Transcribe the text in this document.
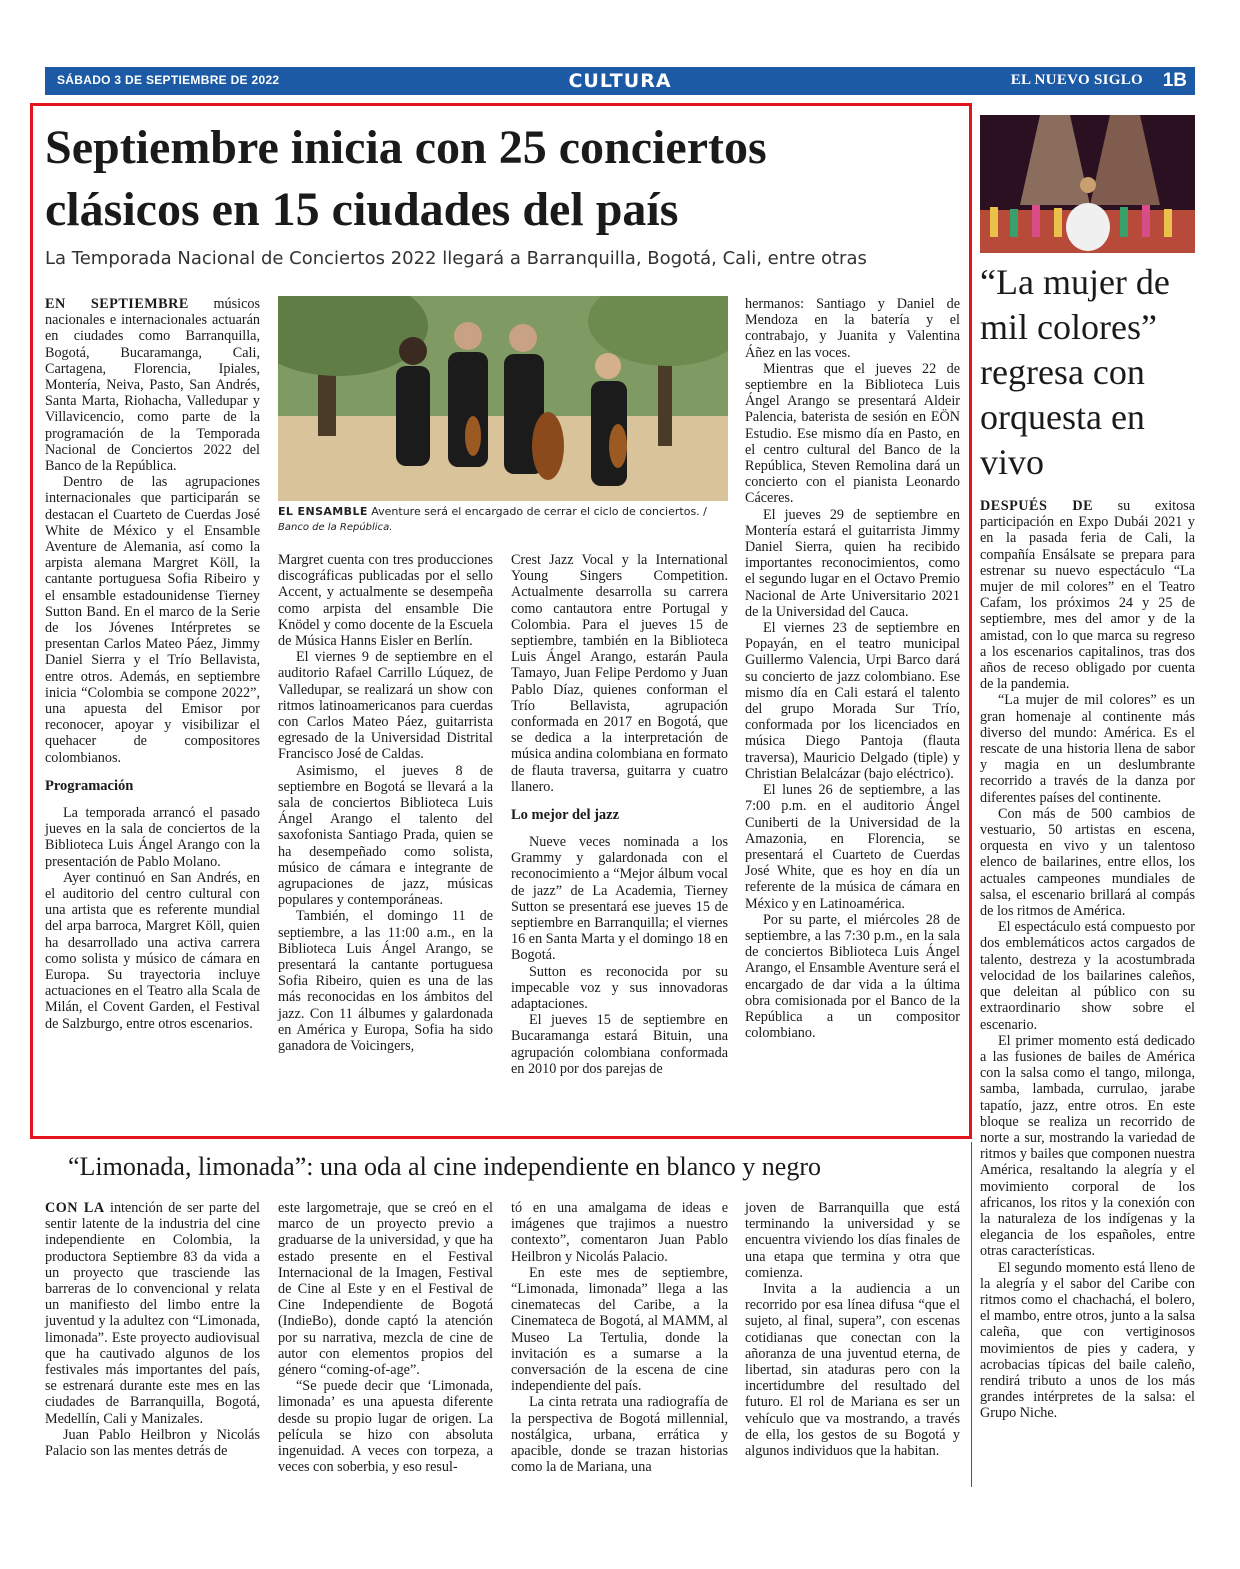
SÁBADO 3 DE SEPTIEMBRE DE 2022	CULTURA	EL NUEVO SIGLO 1B
Septiembre inicia con 25 conciertos
clásicos en 15 ciudades del país
La Temporada Nacional de Conciertos 2022 llegará a Barranquilla, Bogotá, Cali, entre otras

EN SEPTIEMBRE músicos nacionales e internacionales actuarán en ciudades como Barranquilla, Bogotá, Bucaramanga, Cali, Cartagena, Florencia, Ipiales, Montería, Neiva, Pasto, San Andrés, Santa Marta, Riohacha, Valledupar y Villavicencio, como parte de la programación de la Temporada Nacional de Conciertos 2022 del Banco de la República.

Dentro de las agrupaciones internacionales que participarán se destacan el Cuarteto de Cuerdas José White de México y el Ensamble Aventure de Alemania, así como la arpista alemana Margret Köll, la cantante portuguesa Sofia Ribeiro y el ensamble estadounidense Tierney Sutton Band. En el marco de la Serie de los Jóvenes Intérpretes se presentan Carlos Mateo Páez, Jimmy Daniel Sierra y el Trío Bellavista, entre otros. Además, en septiembre inicia “Colombia se compone 2022”, una apuesta del Emisor por reconocer, apoyar y visibilizar el quehacer de compositores colombianos.

Programación

La temporada arrancó el pasado jueves en la sala de conciertos de la Biblioteca Luis Ángel Arango con la presentación de Pablo Molano.

Ayer continuó en San Andrés, en el auditorio del centro cultural con una artista que es referente mundial del arpa barroca, Margret Köll, quien ha desarrollado una activa carrera como solista y músico de cámara en Europa. Su trayectoria incluye actuaciones en el Teatro alla Scala de Milán, el Covent Garden, el Festival de Salzburgo, entre otros escenarios.

EL ENSAMBLE Aventure será el encargado de cerrar el ciclo de conciertos. /
Banco de la República.

Margret cuenta con tres producciones discográficas publicadas por el sello Accent, y actualmente se desempeña como arpista del ensamble Die Knödel y como docente de la Escuela de Música Hanns Eisler en Berlín.

El viernes 9 de septiembre en el auditorio Rafael Carrillo Lúquez, de Valledupar, se realizará un show con ritmos latinoamericanos para cuerdas con Carlos Mateo Páez, guitarrista egresado de la Universidad Distrital Francisco José de Caldas.

Asimismo, el jueves 8 de septiembre en Bogotá se llevará a la sala de conciertos Biblioteca Luis Ángel Arango el talento del saxofonista Santiago Prada, quien se ha desempeñado como solista, músico de cámara e integrante de agrupaciones de jazz, músicas populares y contemporáneas.

También, el domingo 11 de septiembre, a las 11:00 a.m., en la Biblioteca Luis Ángel Arango, se presentará la cantante portuguesa Sofia Ribeiro, quien es una de las más reconocidas en los ámbitos del jazz. Con 11 álbumes y galardonada en América y Europa, Sofia ha sido ganadora de Voicingers,

Crest Jazz Vocal y la International Young Singers Competition. Actualmente desarrolla su carrera como cantautora entre Portugal y Colombia. Para el jueves 15 de septiembre, también en la Biblioteca Luis Ángel Arango, estarán Paula Tamayo, Juan Felipe Perdomo y Juan Pablo Díaz, quienes conforman el Trío Bellavista, agrupación conformada en 2017 en Bogotá, que se dedica a la interpretación de música andina colombiana en formato de flauta traversa, guitarra y cuatro llanero.

Lo mejor del jazz

Nueve veces nominada a los Grammy y galardonada con el reconocimiento a “Mejor álbum vocal de jazz” de La Academia, Tierney Sutton se presentará ese jueves 15 de septiembre en Barranquilla; el viernes 16 en Santa Marta y el domingo 18 en Bogotá.

Sutton es reconocida por su impecable voz y sus innovadoras adaptaciones.

El jueves 15 de septiembre en Bucaramanga estará Bituin, una agrupación colombiana conformada en 2010 por dos parejas de

hermanos: Santiago y Daniel de Mendoza en la batería y el contrabajo, y Juanita y Valentina Áñez en las voces.

Mientras que el jueves 22 de septiembre en la Biblioteca Luis Ángel Arango se presentará Aldeir Palencia, baterista de sesión en EÖN Estudio. Ese mismo día en Pasto, en el centro cultural del Banco de la República, Steven Remolina dará un concierto con el pianista Leonardo Cáceres.

El jueves 29 de septiembre en Montería estará el guitarrista Jimmy Daniel Sierra, quien ha recibido importantes reconocimientos, como el segundo lugar en el Octavo Premio Nacional de Arte Universitario 2021 de la Universidad del Cauca.

El viernes 23 de septiembre en Popayán, en el teatro municipal Guillermo Valencia, Urpi Barco dará su concierto de jazz colombiano. Ese mismo día en Cali estará el talento del grupo Morada Sur Trío, conformada por los licenciados en música Diego Pantoja (flauta traversa), Mauricio Delgado (tiple) y Christian Belalcázar (bajo eléctrico).

El lunes 26 de septiembre, a las 7:00 p.m. en el auditorio Ángel Cuniberti de la Universidad de la Amazonia, en Florencia, se presentará el Cuarteto de Cuerdas José White, que es hoy en día un referente de la música de cámara en México y en Latinoamérica.

Por su parte, el miércoles 28 de septiembre, a las 7:30 p.m., en la sala de conciertos Biblioteca Luis Ángel Arango, el Ensamble Aventure será el encargado de dar vida a la última obra comisionada por el Banco de la República a un compositor colombiano.

“La mujer de mil colores” regresa con orquesta en vivo

DESPUÉS DE su exitosa participación en Expo Dubái 2021 y en la pasada feria de Cali, la compañía Ensálsate se prepara para estrenar su nuevo espectáculo “La mujer de mil colores” en el Teatro Cafam, los próximos 24 y 25 de septiembre, mes del amor y de la amistad, con lo que marca su regreso a los escenarios capitalinos, tras dos años de receso obligado por cuenta de la pandemia.

“La mujer de mil colores” es un gran homenaje al continente más diverso del mundo: América. Es el rescate de una historia llena de sabor y magia en un deslumbrante recorrido a través de la danza por diferentes países del continente.

Con más de 500 cambios de vestuario, 50 artistas en escena, orquesta en vivo y un talentoso elenco de bailarines, entre ellos, los actuales campeones mundiales de salsa, el escenario brillará al compás de los ritmos de América.

El espectáculo está compuesto por dos emblemáticos actos cargados de talento, destreza y la acostumbrada velocidad de los bailarines caleños, que deleitan al público con su extraordinario show sobre el escenario.

El primer momento está dedicado a las fusiones de bailes de América con la salsa como el tango, milonga, samba, lambada, currulao, jarabe tapatío, jazz, entre otros. En este bloque se realiza un recorrido de norte a sur, mostrando la variedad de ritmos y bailes que componen nuestra América, resaltando la alegría y el movimiento corporal de los africanos, los ritos y la conexión con la naturaleza de los indígenas y la elegancia de los españoles, entre otras características.

El segundo momento está lleno de la alegría y el sabor del Caribe con ritmos como el chachachá, el bolero, el mambo, entre otros, junto a la salsa caleña, que con vertiginosos movimientos de pies y cadera, y acrobacias típicas del baile caleño, rendirá tributo a unos de los más grandes intérpretes de la salsa: el Grupo Niche.

“Limonada, limonada”: una oda al cine independiente en blanco y negro

CON LA intención de ser parte del sentir latente de la industria del cine independiente en Colombia, la productora Septiembre 83 da vida a un proyecto que trasciende las barreras de lo convencional y relata un manifiesto del limbo entre la juventud y la adultez con “Limonada, limonada”. Este proyecto audiovisual que ha cautivado algunos de los festivales más importantes del país, se estrenará durante este mes en las ciudades de Barranquilla, Bogotá, Medellín, Cali y Manizales.

Juan Pablo Heilbron y Nicolás Palacio son las mentes detrás de

este largometraje, que se creó en el marco de un proyecto previo a graduarse de la universidad, y que ha estado presente en el Festival Internacional de la Imagen, Festival de Cine al Este y en el Festival de Cine Independiente de Bogotá (IndieBo), donde captó la atención por su narrativa, mezcla de cine de autor con elementos propios del género “coming-of-age”.

“Se puede decir que ‘Limonada, limonada’ es una apuesta diferente desde su propio lugar de origen. La película se hizo con absoluta ingenuidad. A veces con torpeza, a veces con soberbia, y eso resul-

tó en una amalgama de ideas e imágenes que trajimos a nuestro contexto”, comentaron Juan Pablo Heilbron y Nicolás Palacio.

En este mes de septiembre, “Limonada, limonada” llega a las cinematecas del Caribe, a la Cinemateca de Bogotá, al MAMM, al Museo La Tertulia, donde la invitación es a sumarse a la conversación de la escena de cine independiente del país.

La cinta retrata una radiografía de la perspectiva de Bogotá millennial, nostálgica, urbana, errática y apacible, donde se trazan historias como la de Mariana, una

joven de Barranquilla que está terminando la universidad y se encuentra viviendo los días finales de una etapa que termina y otra que comienza.

Invita a la audiencia a un recorrido por esa línea difusa “que el sujeto, al final, supera”, con escenas cotidianas que conectan con la añoranza de una juventud eterna, de libertad, sin ataduras pero con la incertidumbre del resultado del futuro. El rol de Mariana es ser un vehículo que va mostrando, a través de ella, los gestos de su Bogotá y algunos individuos que la habitan.
